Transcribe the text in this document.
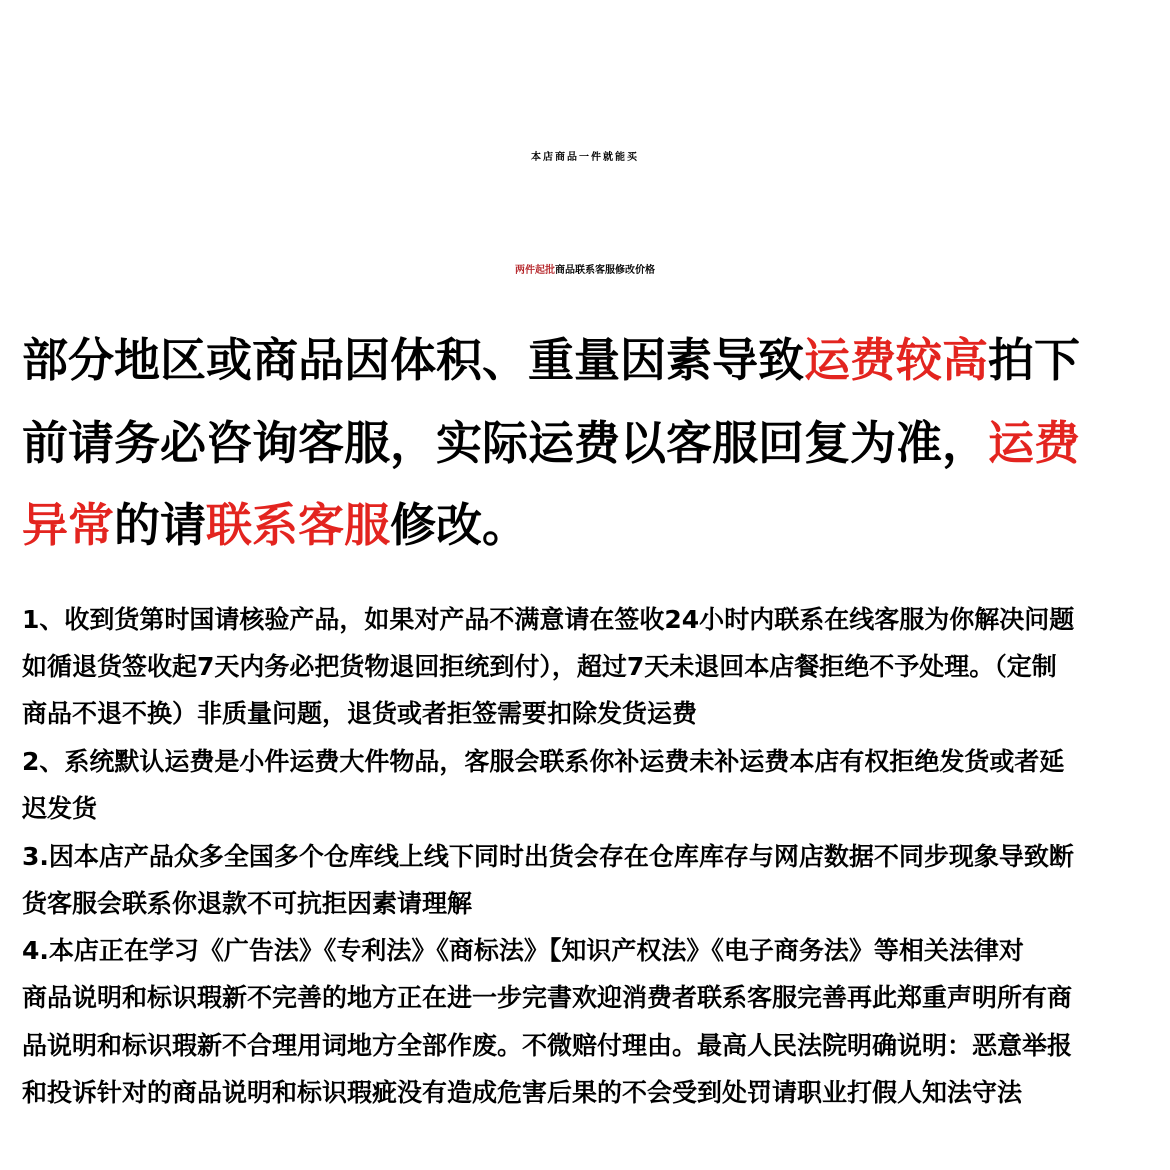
本店商品一件就能买
两件起批商品联系客服修改价格
部分地区或商品因体积、重量因素导致运费较高拍下
前请务必咨询客服，实际运费以客服回复为准，运费
异常的请联系客服修改。
1、收到货第时国请核验产品，如果对产品不满意请在签收24小时内联系在线客服为你解决问题
如循退货签收起7天内务必把货物退回拒统到付），超过7天未退回本店餐拒绝不予处理。（定制
商品不退不换）非质量问题，退货或者拒签需要扣除发货运费
2、系统默认运费是小件运费大件物品，客服会联系你补运费未补运费本店有权拒绝发货或者延
迟发货
3.因本店产品众多全国多个仓库线上线下同时出货会存在仓库库存与网店数据不同步现象导致断
货客服会联系你退款不可抗拒因素请理解
4.本店正在学习《广告法》《专利法》《商标法》【知识产权法》《电子商务法》等相关法律对
商品说明和标识瑕新不完善的地方正在进一步完書欢迎消费者联系客服完善再此郑重声明所有商
品说明和标识瑕新不合理用词地方全部作废。不微赔付理由。最高人民法院明确说明：恶意举报
和投诉针对的商品说明和标识瑕疵没有造成危害后果的不会受到处罚请职业打假人知法守法
